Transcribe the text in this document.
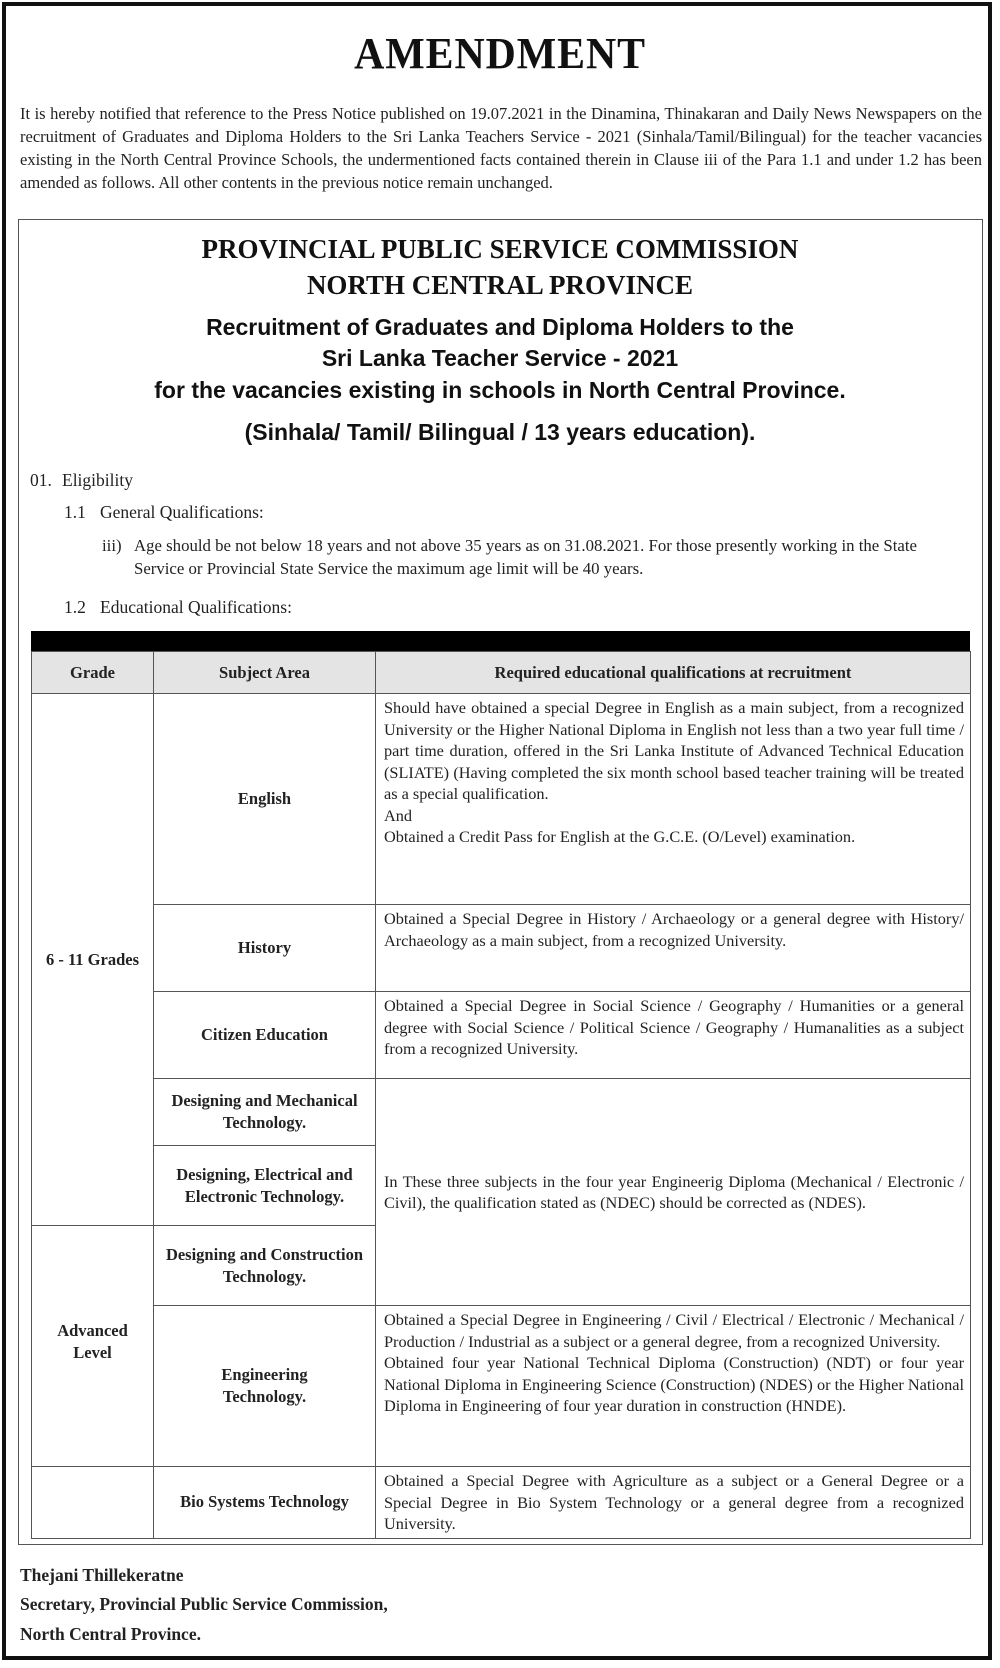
AMENDMENT
It is hereby notified that reference to the Press Notice published on 19.07.2021 in the Dinamina, Thinakaran and Daily News Newspapers on the recruitment of Graduates and Diploma Holders to the Sri Lanka Teachers Service - 2021 (Sinhala/Tamil/Bilingual) for the teacher vacancies existing in the North Central Province Schools, the undermentioned facts contained therein in Clause iii of the Para 1.1 and under 1.2 has been amended as follows. All other contents in the previous notice remain unchanged.
PROVINCIAL PUBLIC SERVICE COMMISSION
NORTH CENTRAL PROVINCE
Recruitment of Graduates and Diploma Holders to the
Sri Lanka Teacher Service - 2021
for the vacancies existing in schools in North Central Province.
(Sinhala/ Tamil/ Bilingual / 13 years education).
01. Eligibility
1.1 General Qualifications:
iii) Age should be not below 18 years and not above 35 years as on 31.08.2021. For those presently working in the State Service or Provincial State Service the maximum age limit will be 40 years.
1.2 Educational Qualifications:
Grade	Subject Area	Required educational qualifications at recruitment
6 - 11 Grades	English	Should have obtained a special Degree in English as a main subject, from a recognized University or the Higher National Diploma in English not less than a two year full time / part time duration, offered in the Sri Lanka Institute of Advanced Technical Education (SLIATE) (Having completed the six month school based teacher training will be treated as a special qualification.
And
Obtained a Credit Pass for English at the G.C.E. (O/Level) examination.

	History	Obtained a Special Degree in History / Archaeology or a general degree with History/ Archaeology as a main subject, from a recognized University.
	Citizen Education	Obtained a Special Degree in Social Science / Geography / Humanities or a general degree with Social Science / Political Science / Geography / Humanalities as a subject from a recognized University.
	Designing and Mechanical Technology.	In These three subjects in the four year Engineerig Diploma (Mechanical / Electronic / Civil), the qualification stated as (NDEC) should be corrected as (NDES).

	Designing, Electrical and Electronic Technology.	
Advanced Level	Designing and Construction Technology.	
	Engineering Technology.	Obtained a Special Degree in Engineering / Civil / Electrical / Electronic / Mechanical / Production / Industrial as a subject or a general degree, from a recognized University.
Obtained four year National Technical Diploma (Construction) (NDT) or four year National Diploma in Engineering Science (Construction) (NDES) or the Higher National Diploma in Engineering of four year duration in construction (HNDE).

	Bio Systems Technology	Obtained a Special Degree with Agriculture as a subject or a General Degree or a Special Degree in Bio System Technology or a general degree from a recognized University.
Thejani Thillekeratne
Secretary, Provincial Public Service Commission,
North Central Province.
